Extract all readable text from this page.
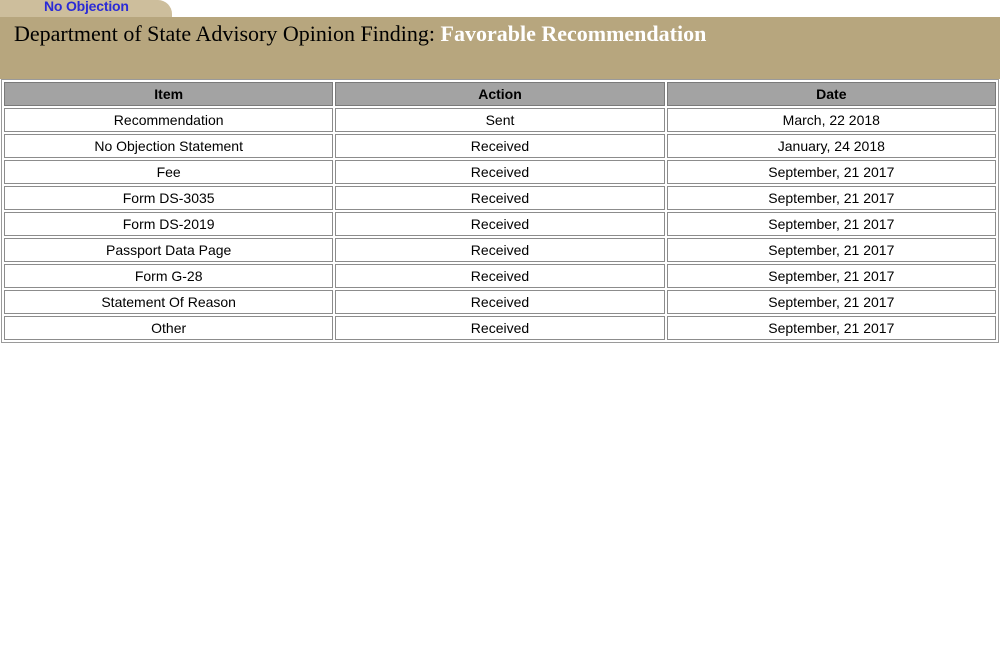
No Objection
Department of State Advisory Opinion Finding: Favorable Recommendation
Item	Action	Date
Recommendation	Sent	March, 22 2018
No Objection Statement	Received	January, 24 2018
Fee	Received	September, 21 2017
Form DS-3035	Received	September, 21 2017
Form DS-2019	Received	September, 21 2017
Passport Data Page	Received	September, 21 2017
Form G-28	Received	September, 21 2017
Statement Of Reason	Received	September, 21 2017
Other	Received	September, 21 2017
